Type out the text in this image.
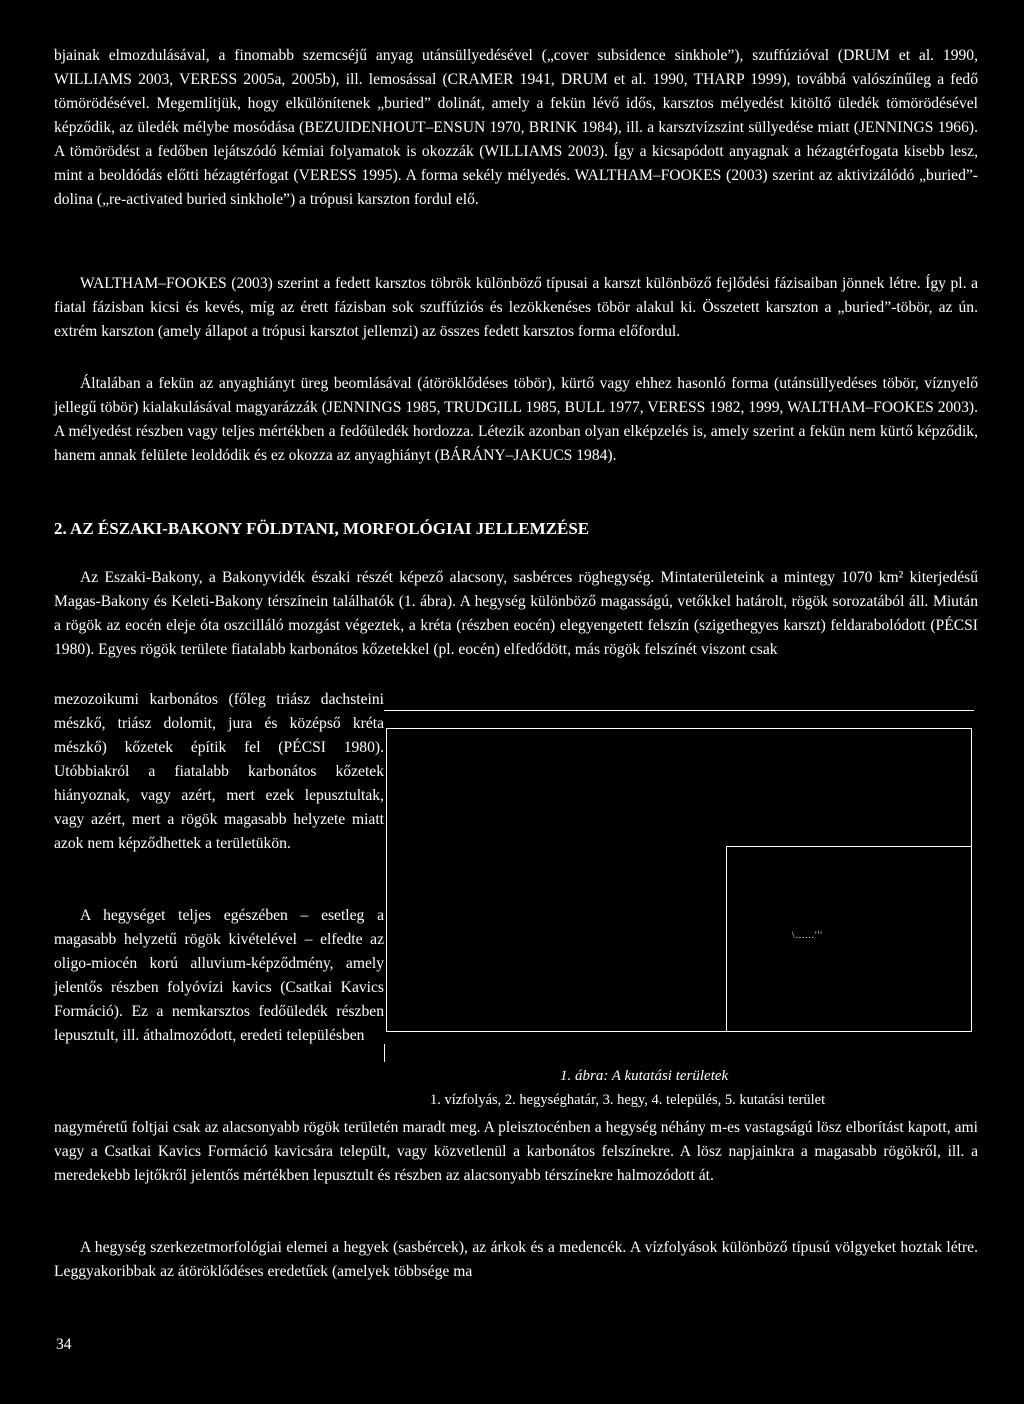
bjainak elmozdulásával, a finomabb szemcséjű anyag utánsüllyedésével („cover subsidence sinkhole”), szuffúzióval (DRUM et al. 1990, WILLIAMS 2003, VERESS 2005a, 2005b), ill. lemosással (CRAMER 1941, DRUM et al. 1990, THARP 1999), továbbá valószínűleg a fedő tömörödésével. Megemlítjük, hogy elkülönítenek „buried” dolinát, amely a fekün lévő idős, karsztos mélyedést kitöltő üledék tömörödésével képződik, az üledék mélybe mosódása (BEZUIDENHOUT–ENSUN 1970, BRINK 1984), ill. a karsztvízszint süllyedése miatt (JENNINGS 1966). A tömörödést a fedőben lejátszódó kémiai folyamatok is okozzák (WILLIAMS 2003). Így a kicsapódott anyagnak a hézagtérfogata kisebb lesz, mint a beoldódás előtti hézagtérfogat (VERESS 1995). A forma sekély mélyedés. WALTHAM–FOOKES (2003) szerint az aktivizálódó „buried”-dolina („re-activated buried sinkhole”) a trópusi karszton fordul elő.

WALTHAM–FOOKES (2003) szerint a fedett karsztos töbrök különböző típusai a karszt különböző fejlődési fázisaiban jönnek létre. Így pl. a fiatal fázisban kicsi és kevés, míg az érett fázisban sok szuffúziós és lezökkenéses töbör alakul ki. Összetett karszton a „buried”-töbör, az ún. extrém karszton (amely állapot a trópusi karsztot jellemzi) az összes fedett karsztos forma előfordul.

Általában a fekün az anyaghiányt üreg beomlásával (átöröklődéses töbör), kürtő vagy ehhez hasonló forma (utánsüllyedéses töbör, víznyelő jellegű töbör) kialakulásával magyarázzák (JENNINGS 1985, TRUDGILL 1985, BULL 1977, VERESS 1982, 1999, WALTHAM–FOOKES 2003). A mélyedést részben vagy teljes mértékben a fedőüledék hordozza. Létezik azonban olyan elképzelés is, amely szerint a fekün nem kürtő képződik, hanem annak felülete leoldódik és ez okozza az anyaghiányt (BÁRÁNY–JAKUCS 1984).

2. AZ ÉSZAKI-BAKONY FÖLDTANI, MORFOLÓGIAI JELLEMZÉSE

Az Eszaki-Bakony, a Bakonyvidék északi részét képező alacsony, sasbérces röghegység. Mintaterületeink a mintegy 1070 km² kiterjedésű Magas-Bakony és Keleti-Bakony térszínein találhatók (1. ábra). A hegység különböző magasságú, vetőkkel határolt, rögök sorozatából áll. Miután a rögök az eocén eleje óta oszcilláló mozgást végeztek, a kréta (részben eocén) elegyengetett felszín (szigethegyes karszt) feldarabolódott (PÉCSI 1980). Egyes rögök területe fiatalabb karbonátos kőzetekkel (pl. eocén) elfedődött, más rögök felszínét viszont csak

mezozoikumi karbonátos (főleg triász dachsteini mészkő, triász dolomit, jura és középső kréta mészkő) kőzetek építik fel (PÉCSI 1980). Utóbbiakról a fiatalabb karbonátos kőzetek hiányoznak, vagy azért, mert ezek lepusztultak, vagy azért, mert a rögök magasabb helyzete miatt azok nem képződhettek a területükön.

A hegységet teljes egészében – esetleg a magasabb helyzetű rögök kivételével – elfedte az oligo-miocén korú alluvium-képződmény, amely jelentős részben folyóvízi kavics (Csatkai Kavics Formáció). Ez a nemkarsztos fedőüledék részben lepusztult, ill. áthalmozódott, eredeti településben

nagyméretű foltjai csak az alacsonyabb rögök területén maradt meg. A pleisztocénben a hegység néhány m-es vastagságú lösz elborítást kapott, ami vagy a Csatkai Kavics Formáció kavicsára települt, vagy közvetlenül a karbonátos felszínekre. A lösz napjainkra a magasabb rögökről, ill. a meredekebb lejtőkről jelentős mértékben lepusztult és részben az alacsonyabb térszínekre halmozódott át.

A hegység szerkezetmorfológiai elemei a hegyek (sasbércek), az árkok és a medencék. A vízfolyások különböző típusú völgyeket hoztak létre. Leggyakoribbak az átöröklődéses eredetűek (amelyek többsége ma

\......'''

1. ábra: A kutatási területek

1. vízfolyás, 2. hegységhatár, 3. hegy, 4. település, 5. kutatási terület

34
